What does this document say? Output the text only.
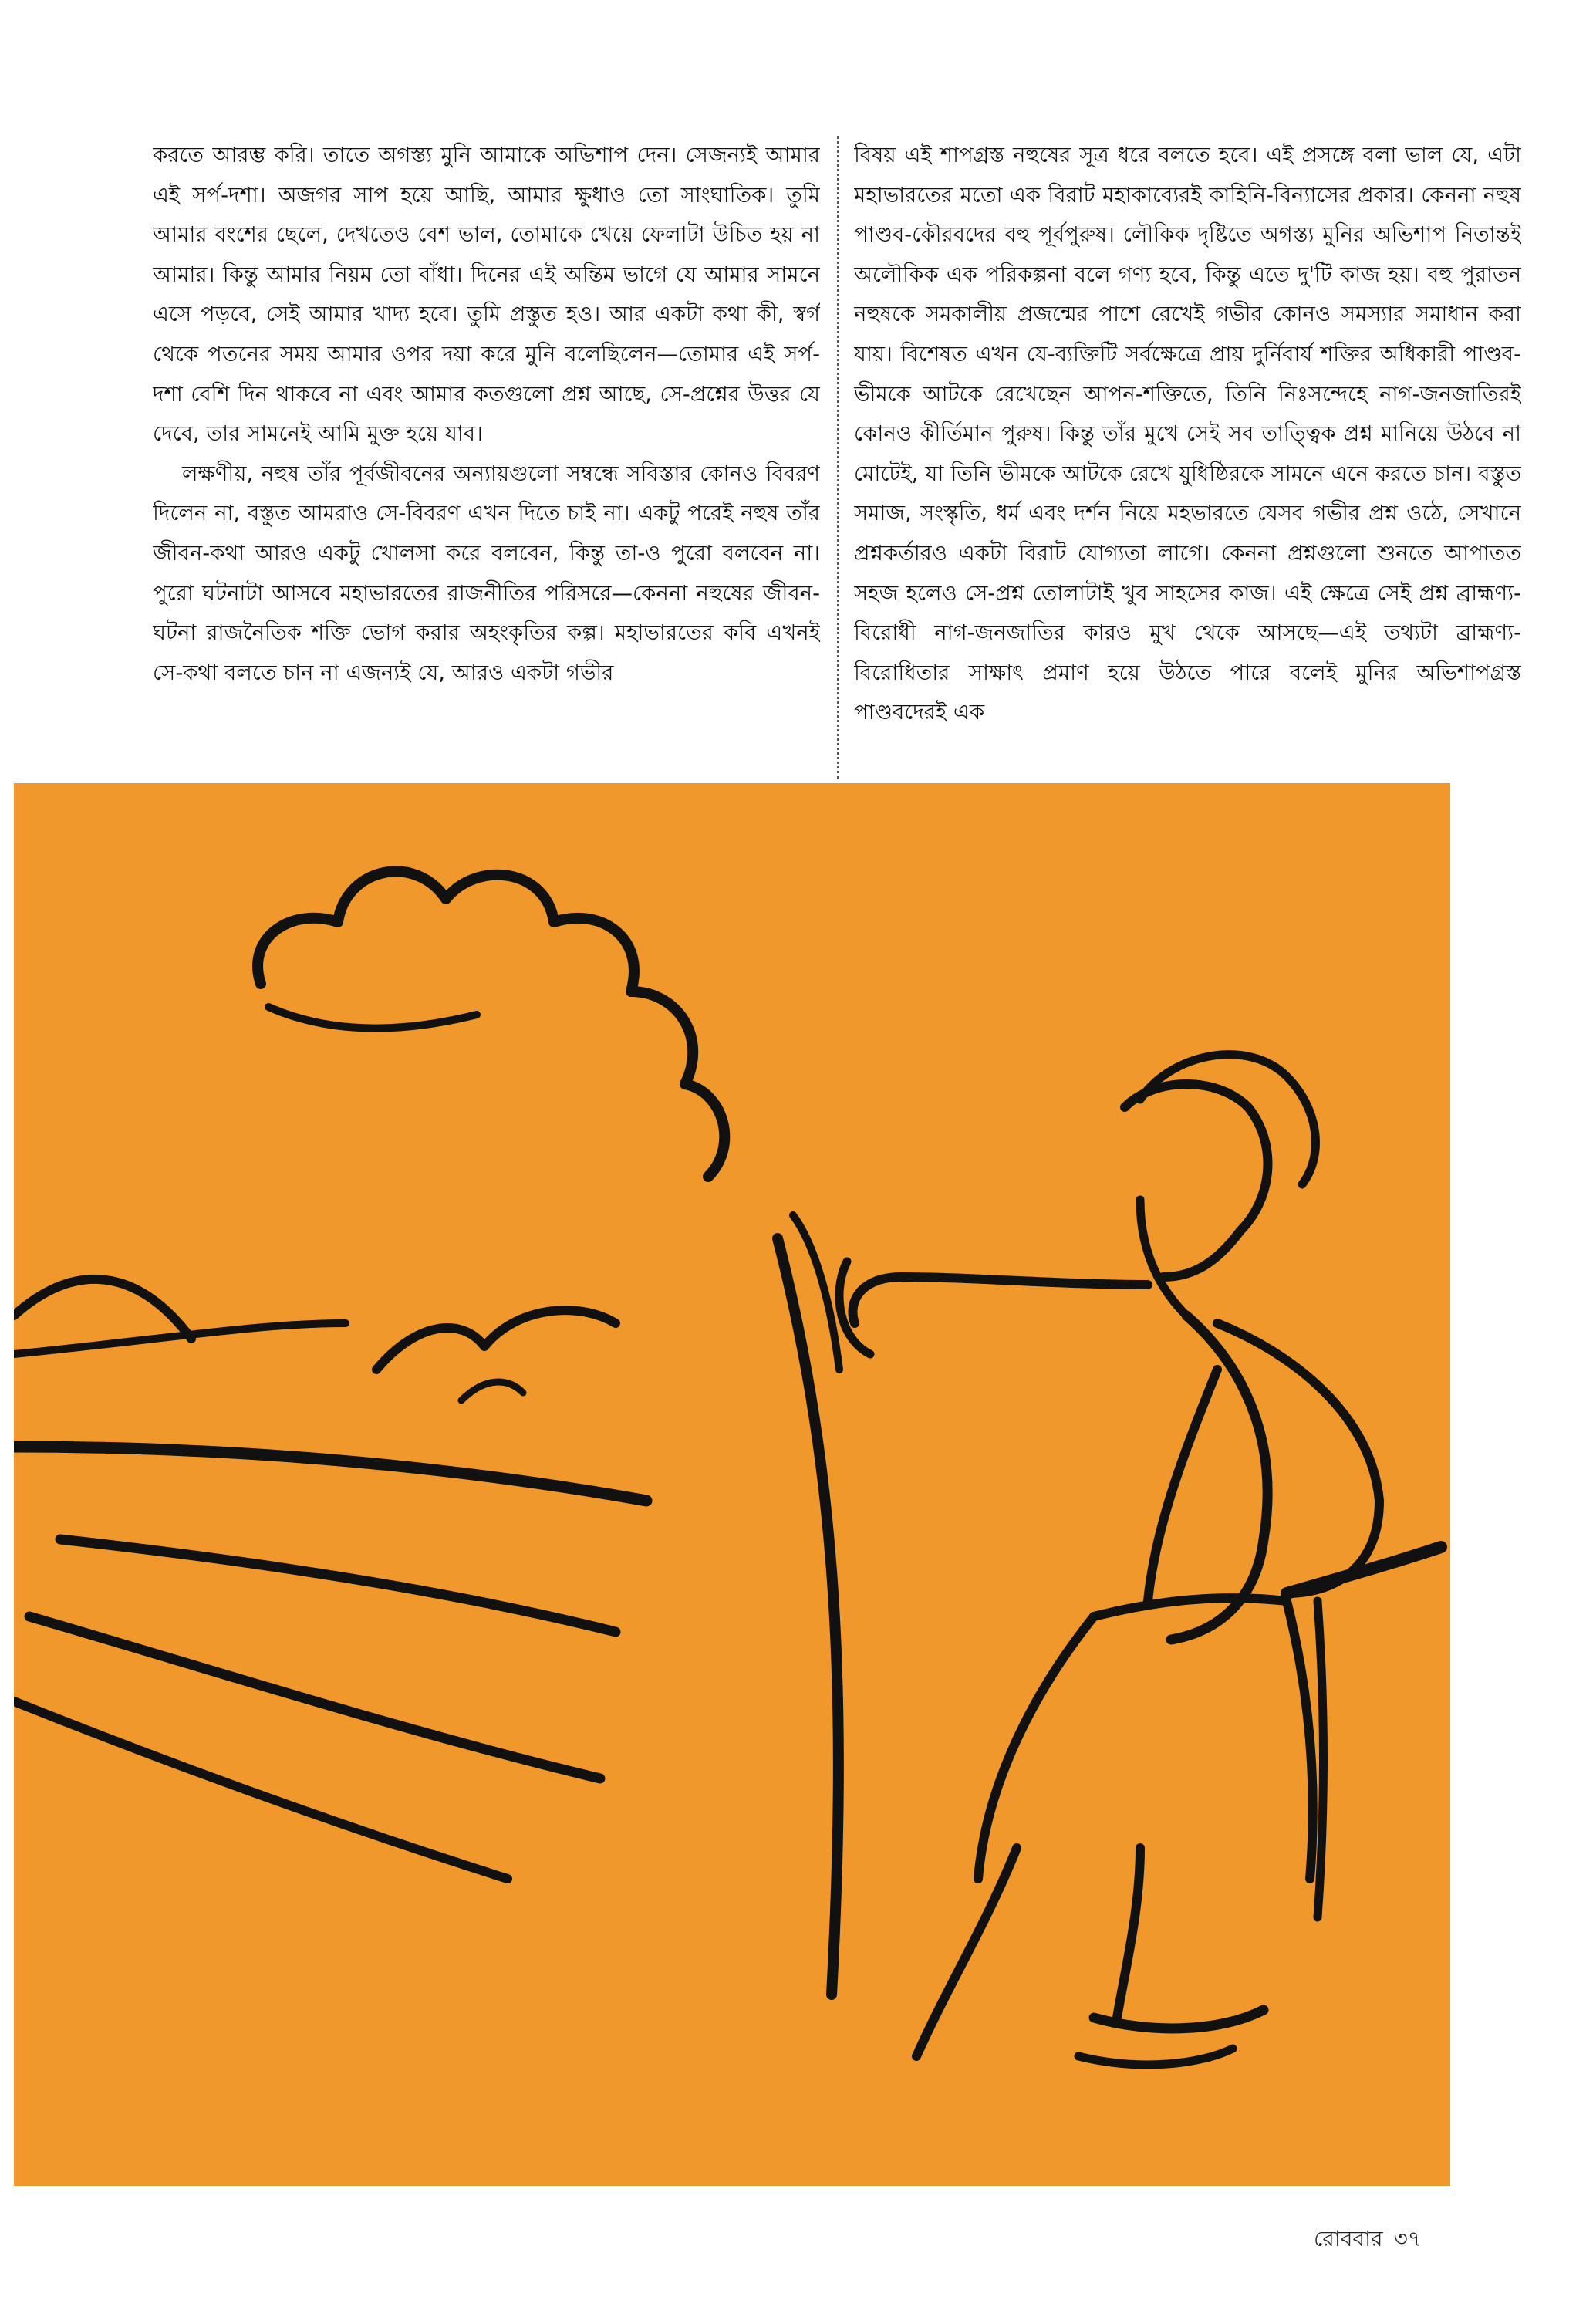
করতে আরম্ভ করি। তাতে অগস্ত্য মুনি আমাকে অভিশাপ দেন। সেজন্যই আমার এই সর্প-দশা। অজগর সাপ হয়ে আছি, আমার ক্ষুধাও তো সাংঘাতিক। তুমি আমার বংশের ছেলে, দেখতেও বেশ ভাল, তোমাকে খেয়ে ফেলাটা উচিত হয় না আমার। কিন্তু আমার নিয়ম তো বাঁধা। দিনের এই অন্তিম ভাগে যে আমার সামনে এসে পড়বে, সেই আমার খাদ্য হবে। তুমি প্রস্তুত হও। আর একটা কথা কী, স্বর্গ থেকে পতনের সময় আমার ওপর দয়া করে মুনি বলেছিলেন—তোমার এই সর্প-দশা বেশি দিন থাকবে না এবং আমার কতগুলো প্রশ্ন আছে, সে-প্রশ্নের উত্তর যে দেবে, তার সামনেই আমি মুক্ত হয়ে যাব।

লক্ষণীয়, নহুষ তাঁর পূর্বজীবনের অন্যায়গুলো সম্বন্ধে সবিস্তার কোনও বিবরণ দিলেন না, বস্তুত আমরাও সে-বিবরণ এখন দিতে চাই না। একটু পরেই নহুষ তাঁর জীবন-কথা আরও একটু খোলসা করে বলবেন, কিন্তু তা-ও পুরো বলবেন না। পুরো ঘটনাটা আসবে মহাভারতের রাজনীতির পরিসরে—কেননা নহুষের জীবন-ঘটনা রাজনৈতিক শক্তি ভোগ করার অহংকৃতির কল্প। মহাভারতের কবি এখনই সে-কথা বলতে চান না এজন্যই যে, আরও একটা গভীর

বিষয় এই শাপগ্রস্ত নহুষের সূত্র ধরে বলতে হবে। এই প্রসঙ্গে বলা ভাল যে, এটা মহাভারতের মতো এক বিরাট মহাকাব্যেরই কাহিনি-বিন্যাসের প্রকার। কেননা নহুষ পাণ্ডব-কৌরবদের বহু পূর্বপুরুষ। লৌকিক দৃষ্টিতে অগস্ত্য মুনির অভিশাপ নিতান্তই অলৌকিক এক পরিকল্পনা বলে গণ্য হবে, কিন্তু এতে দু'টি কাজ হয়। বহু পুরাতন নহুষকে সমকালীয় প্রজন্মের পাশে রেখেই গভীর কোনও সমস্যার সমাধান করা যায়। বিশেষত এখন যে-ব্যক্তিটি সর্বক্ষেত্রে প্রায় দুর্নিবার্য শক্তির অধিকারী পাণ্ডব-ভীমকে আটকে রেখেছেন আপন-শক্তিতে, তিনি নিঃসন্দেহে নাগ-জনজাতিরই কোনও কীর্তিমান পুরুষ। কিন্তু তাঁর মুখে সেই সব তাত্ত্বিক প্রশ্ন মানিয়ে উঠবে না মোটেই, যা তিনি ভীমকে আটকে রেখে যুধিষ্ঠিরকে সামনে এনে করতে চান। বস্তুত সমাজ, সংস্কৃতি, ধর্ম এবং দর্শন নিয়ে মহভারতে যেসব গভীর প্রশ্ন ওঠে, সেখানে প্রশ্নকর্তারও একটা বিরাট যোগ্যতা লাগে। কেননা প্রশ্নগুলো শুনতে আপাতত সহজ হলেও সে-প্রশ্ন তোলাটাই খুব সাহসের কাজ। এই ক্ষেত্রে সেই প্রশ্ন ব্রাহ্মণ্য-বিরোধী নাগ-জনজাতির কারও মুখ থেকে আসছে—এই তথ্যটা ব্রাহ্মণ্য-বিরোধিতার সাক্ষাৎ প্রমাণ হয়ে উঠতে পারে বলেই মুনির অভিশাপগ্রস্ত পাণ্ডবদেরই এক

রোববার ৩৭
